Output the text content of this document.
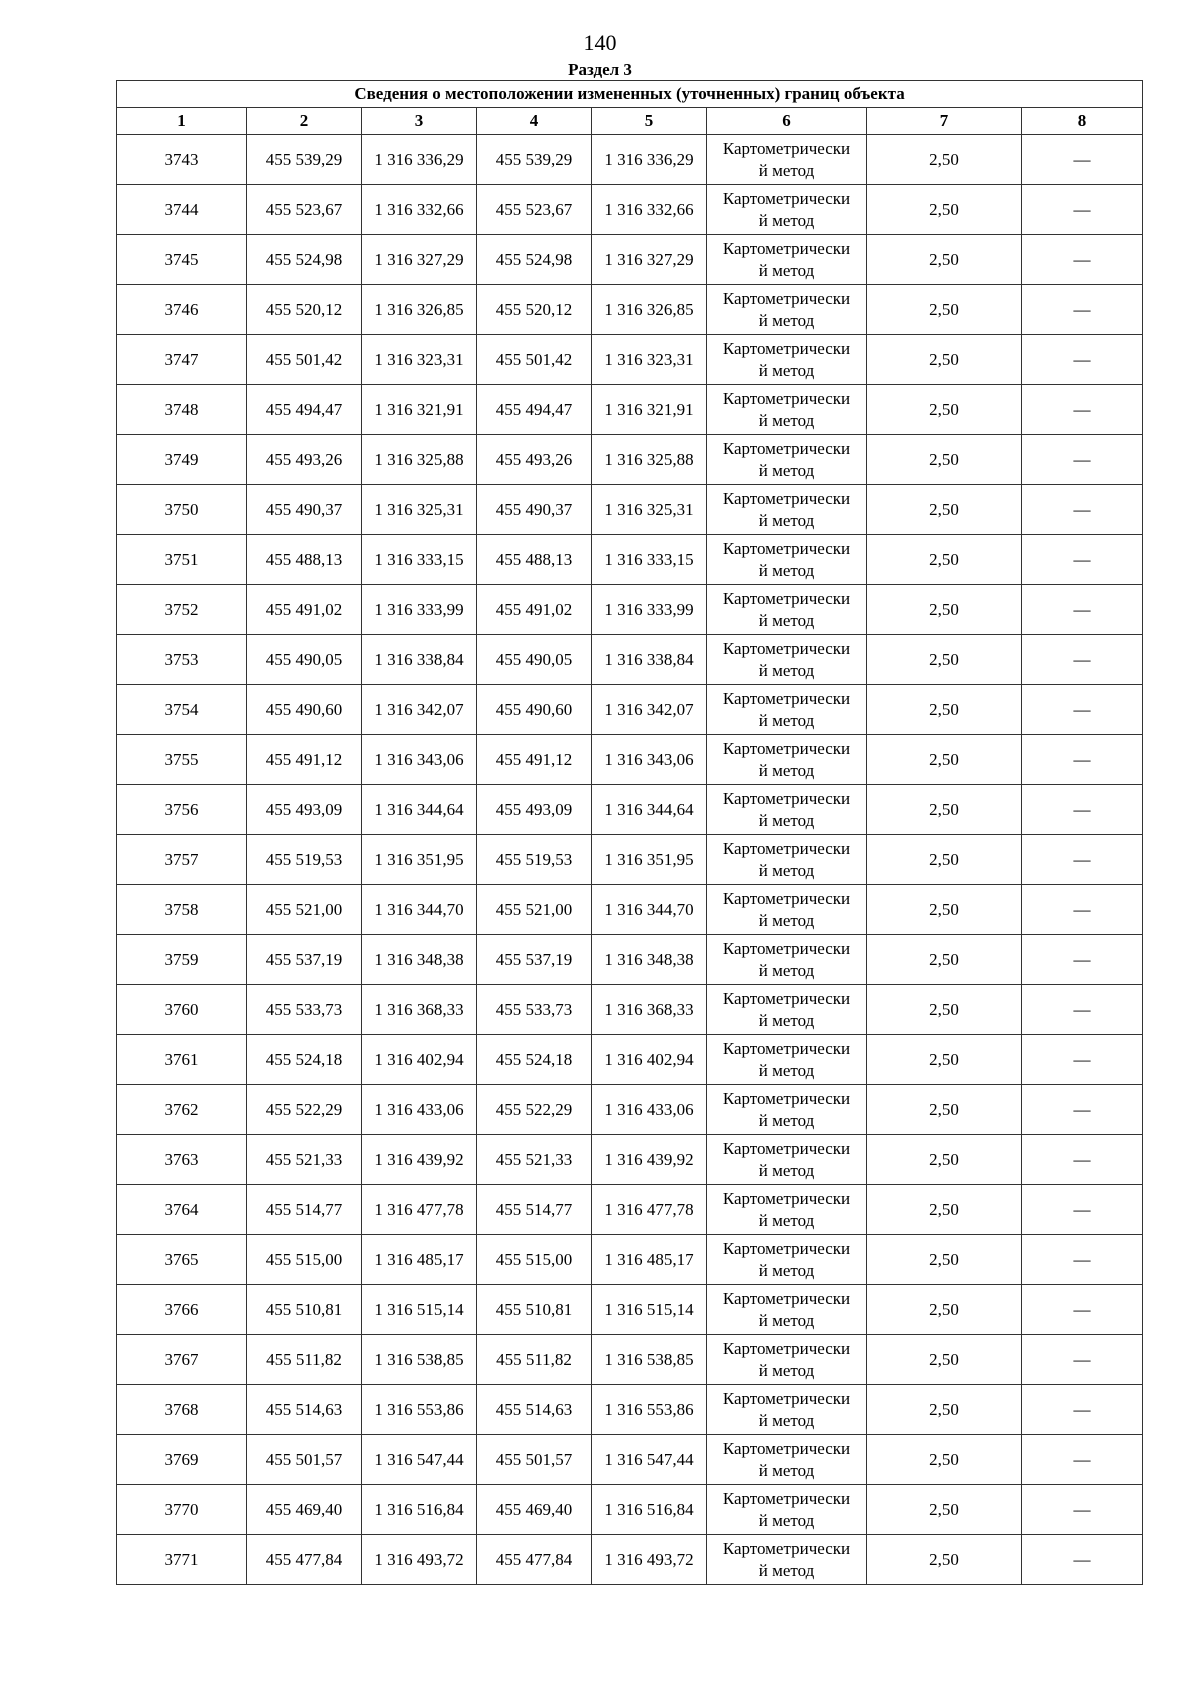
140
Раздел 3
Сведения о местоположении измененных (уточненных) границ объекта							
1	2	3	4	5	6	7	8
3743	455 539,29	1 316 336,29	455 539,29	1 316 336,29	Картометрически
й метод	2,50	—
3744	455 523,67	1 316 332,66	455 523,67	1 316 332,66	Картометрически
й метод	2,50	—
3745	455 524,98	1 316 327,29	455 524,98	1 316 327,29	Картометрически
й метод	2,50	—
3746	455 520,12	1 316 326,85	455 520,12	1 316 326,85	Картометрически
й метод	2,50	—
3747	455 501,42	1 316 323,31	455 501,42	1 316 323,31	Картометрически
й метод	2,50	—
3748	455 494,47	1 316 321,91	455 494,47	1 316 321,91	Картометрически
й метод	2,50	—
3749	455 493,26	1 316 325,88	455 493,26	1 316 325,88	Картометрически
й метод	2,50	—
3750	455 490,37	1 316 325,31	455 490,37	1 316 325,31	Картометрически
й метод	2,50	—
3751	455 488,13	1 316 333,15	455 488,13	1 316 333,15	Картометрически
й метод	2,50	—
3752	455 491,02	1 316 333,99	455 491,02	1 316 333,99	Картометрически
й метод	2,50	—
3753	455 490,05	1 316 338,84	455 490,05	1 316 338,84	Картометрически
й метод	2,50	—
3754	455 490,60	1 316 342,07	455 490,60	1 316 342,07	Картометрически
й метод	2,50	—
3755	455 491,12	1 316 343,06	455 491,12	1 316 343,06	Картометрически
й метод	2,50	—
3756	455 493,09	1 316 344,64	455 493,09	1 316 344,64	Картометрически
й метод	2,50	—
3757	455 519,53	1 316 351,95	455 519,53	1 316 351,95	Картометрически
й метод	2,50	—
3758	455 521,00	1 316 344,70	455 521,00	1 316 344,70	Картометрически
й метод	2,50	—
3759	455 537,19	1 316 348,38	455 537,19	1 316 348,38	Картометрически
й метод	2,50	—
3760	455 533,73	1 316 368,33	455 533,73	1 316 368,33	Картометрически
й метод	2,50	—
3761	455 524,18	1 316 402,94	455 524,18	1 316 402,94	Картометрически
й метод	2,50	—
3762	455 522,29	1 316 433,06	455 522,29	1 316 433,06	Картометрически
й метод	2,50	—
3763	455 521,33	1 316 439,92	455 521,33	1 316 439,92	Картометрически
й метод	2,50	—
3764	455 514,77	1 316 477,78	455 514,77	1 316 477,78	Картометрически
й метод	2,50	—
3765	455 515,00	1 316 485,17	455 515,00	1 316 485,17	Картометрически
й метод	2,50	—
3766	455 510,81	1 316 515,14	455 510,81	1 316 515,14	Картометрически
й метод	2,50	—
3767	455 511,82	1 316 538,85	455 511,82	1 316 538,85	Картометрически
й метод	2,50	—
3768	455 514,63	1 316 553,86	455 514,63	1 316 553,86	Картометрически
й метод	2,50	—
3769	455 501,57	1 316 547,44	455 501,57	1 316 547,44	Картометрически
й метод	2,50	—
3770	455 469,40	1 316 516,84	455 469,40	1 316 516,84	Картометрически
й метод	2,50	—
3771	455 477,84	1 316 493,72	455 477,84	1 316 493,72	Картометрически
й метод	2,50	—
